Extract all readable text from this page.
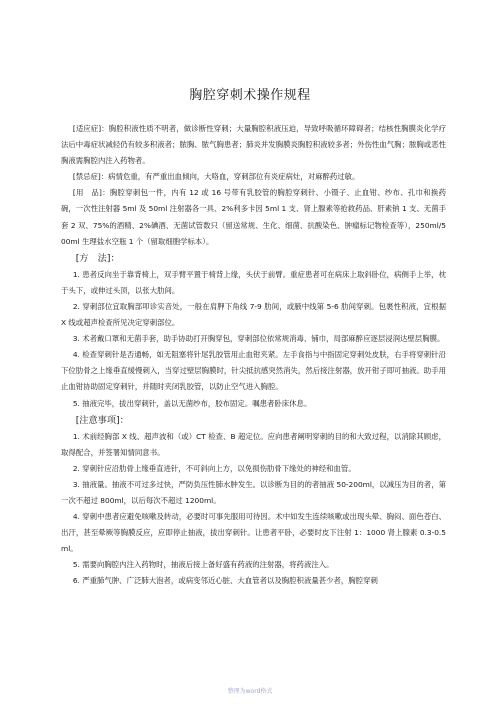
胸腔穿刺术操作规程

[适应症]：胸腔积液性质不明者，做诊断性穿刺；大量胸腔积液压迫，导致呼吸循环障碍者；结核性胸膜炎化学疗法后中毒症状减轻仍有较多积液者；脓胸、脓气胸患者；肺炎并发胸膜炎胸腔积液较多者；外伤性血气胸；脓胸或恶性胸液需胸腔内注入药物者。

[禁忌症]：病情危重，有严重出血倾向，大咯血，穿刺部位有炎症病灶，对麻醉药过敏。

[用　品]：胸腔穿刺包一件，内有 12 或 16 号带有乳胶管的胸腔穿刺针、小镊子、止血钳、纱布、孔巾和换药碗，一次性注射器 5ml 及 50ml 注射器各一具、2%利多卡因 5ml 1 支、肾上腺素等抢救药品、肝素钠 1 支、无菌手套 2 双、75%的酒精、2%碘酒、无菌试管数只（留送常规、生化、细菌、抗酸染色、肿瘤标记物检查等），250ml/500ml 生理盐水空瓶 1 个（留取细胞学标本）。

[方　法]：

1. 患者反向坐于靠背椅上，双手臂平置于椅背上缘，头伏于前臂。重症患者可在病床上取斜卧位，病侧手上举，枕于头下，或伸过头顶，以张大肋间。

2. 穿刺部位宜取胸部叩诊实音处，一般在肩胛下角线 7-9 肋间，或腋中线第 5-6 肋间穿刺。包裹性积液，宜根据 X 线或超声检查所见决定穿刺部位。

3. 术者戴口罩和无菌手套，助手协助打开胸穿包，穿刺部位依常规消毒、铺巾，局部麻醉应逐层浸润达壁层胸膜。

4. 检查穿刺针是否通畅，如无阻塞将针尾乳胶管用止血钳夹紧。左手食指与中指固定穿刺处皮肤，右手将穿刺针沿下位肋骨之上缘垂直缓慢刺入，当穿过壁层胸膜时，针尖抵抗感突然消失，然后接注射器，放开钳子即可抽液。助手用止血钳协助固定穿刺针，并随时夹闭乳胶管，以防止空气进入胸腔。

5. 抽液完毕，拔出穿刺针，盖以无菌纱布，胶布固定。嘱患者卧床休息。

[注意事项]：

1. 术前经胸部 X 线、超声波和（或）CT 检查、B 超定位。应向患者阐明穿刺的目的和大致过程，以消除其顾虑，取得配合，并签署知情同意书。

2. 穿刺针应沿肋骨上缘垂直进针，不可斜向上方，以免损伤肋骨下缘处的神经和血管。

3. 抽液量。抽液不可过多过快，严防负压性肺水肿发生。以诊断为目的的者抽液 50-200ml，以减压为目的者，第一次不超过 800ml，以后每次不超过 1200ml。

4. 穿刺中患者应避免咳嗽及转动，必要时可事先服用可待因。术中如发生连续咳嗽或出现头晕、胸闷、面色苍白、出汗，甚至晕厥等胸膜反应，应即停止抽液，拔出穿刺针。让患者平卧，必要时皮下注射 1：1000 肾上腺素 0.3-0.5ml。

5. 需要向胸腔内注入药物时，抽液后接上备好盛有药液的注射器，将药液注入。

6. 严重肺气肿、广泛肺大泡者，或病变邻近心脏、大血管者以及胸腔积液量甚少者，胸腔穿刺

整理为word格式
